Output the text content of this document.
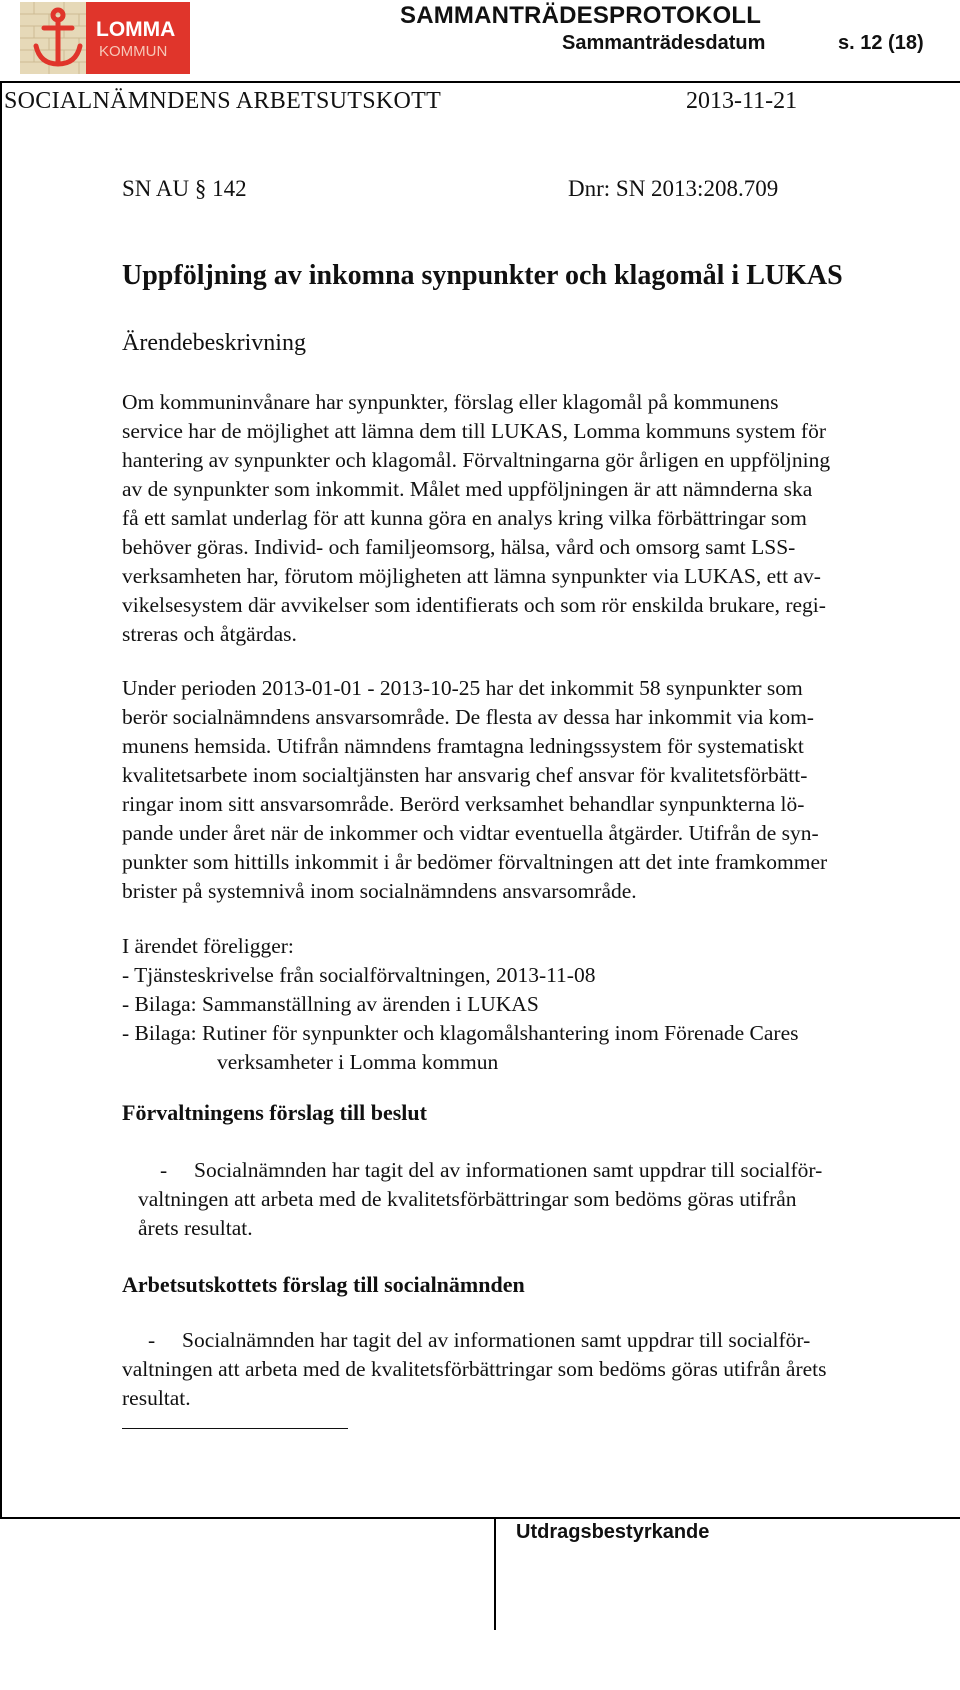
LOMMA
KOMMUN
SAMMANTRÄDESPROTOKOLL
Sammanträdesdatum	s. 12 (18)
SOCIALNÄMNDENS ARBETSUTSKOTT	2013-11-21
SN AU § 142	Dnr: SN 2013:208.709
Uppföljning av inkomna synpunkter och klagomål i LUKAS
Ärendebeskrivning

Om kommuninvånare har synpunkter, förslag eller klagomål på kommunens
service har de möjlighet att lämna dem till LUKAS, Lomma kommuns system för
hantering av synpunkter och klagomål. Förvaltningarna gör årligen en uppföljning
av de synpunkter som inkommit. Målet med uppföljningen är att nämnderna ska
få ett samlat underlag för att kunna göra en analys kring vilka förbättringar som
behöver göras. Individ- och familjeomsorg, hälsa, vård och omsorg samt LSS-
verksamheten har, förutom möjligheten att lämna synpunkter via LUKAS, ett av-
vikelsesystem där avvikelser som identifierats och som rör enskilda brukare, regi-
streras och åtgärdas.

Under perioden 2013-01-01 - 2013-10-25 har det inkommit 58 synpunkter som
berör socialnämndens ansvarsområde. De flesta av dessa har inkommit via kom-
munens hemsida. Utifrån nämndens framtagna ledningssystem för systematiskt
kvalitetsarbete inom socialtjänsten har ansvarig chef ansvar för kvalitetsförbätt-
ringar inom sitt ansvarsområde. Berörd verksamhet behandlar synpunkterna lö-
pande under året när de inkommer och vidtar eventuella åtgärder. Utifrån de syn-
punkter som hittills inkommit i år bedömer förvaltningen att det inte framkommer
brister på systemnivå inom socialnämndens ansvarsområde.

I ärendet föreligger:
- Tjänsteskrivelse från socialförvaltningen, 2013-11-08
- Bilaga: Sammanställning av ärenden i LUKAS
- Bilaga: Rutiner för synpunkter och klagomålshantering inom Förenade Cares
verksamheter i Lomma kommun

Förvaltningens förslag till beslut

-     Socialnämnden har tagit del av informationen samt uppdrar till socialför-
valtningen att arbeta med de kvalitetsförbättringar som bedöms göras utifrån
årets resultat.

Arbetsutskottets förslag till socialnämnden

-     Socialnämnden har tagit del av informationen samt uppdrar till socialför-
valtningen att arbeta med de kvalitetsförbättringar som bedöms göras utifrån årets
resultat.

Utdragsbestyrkande
